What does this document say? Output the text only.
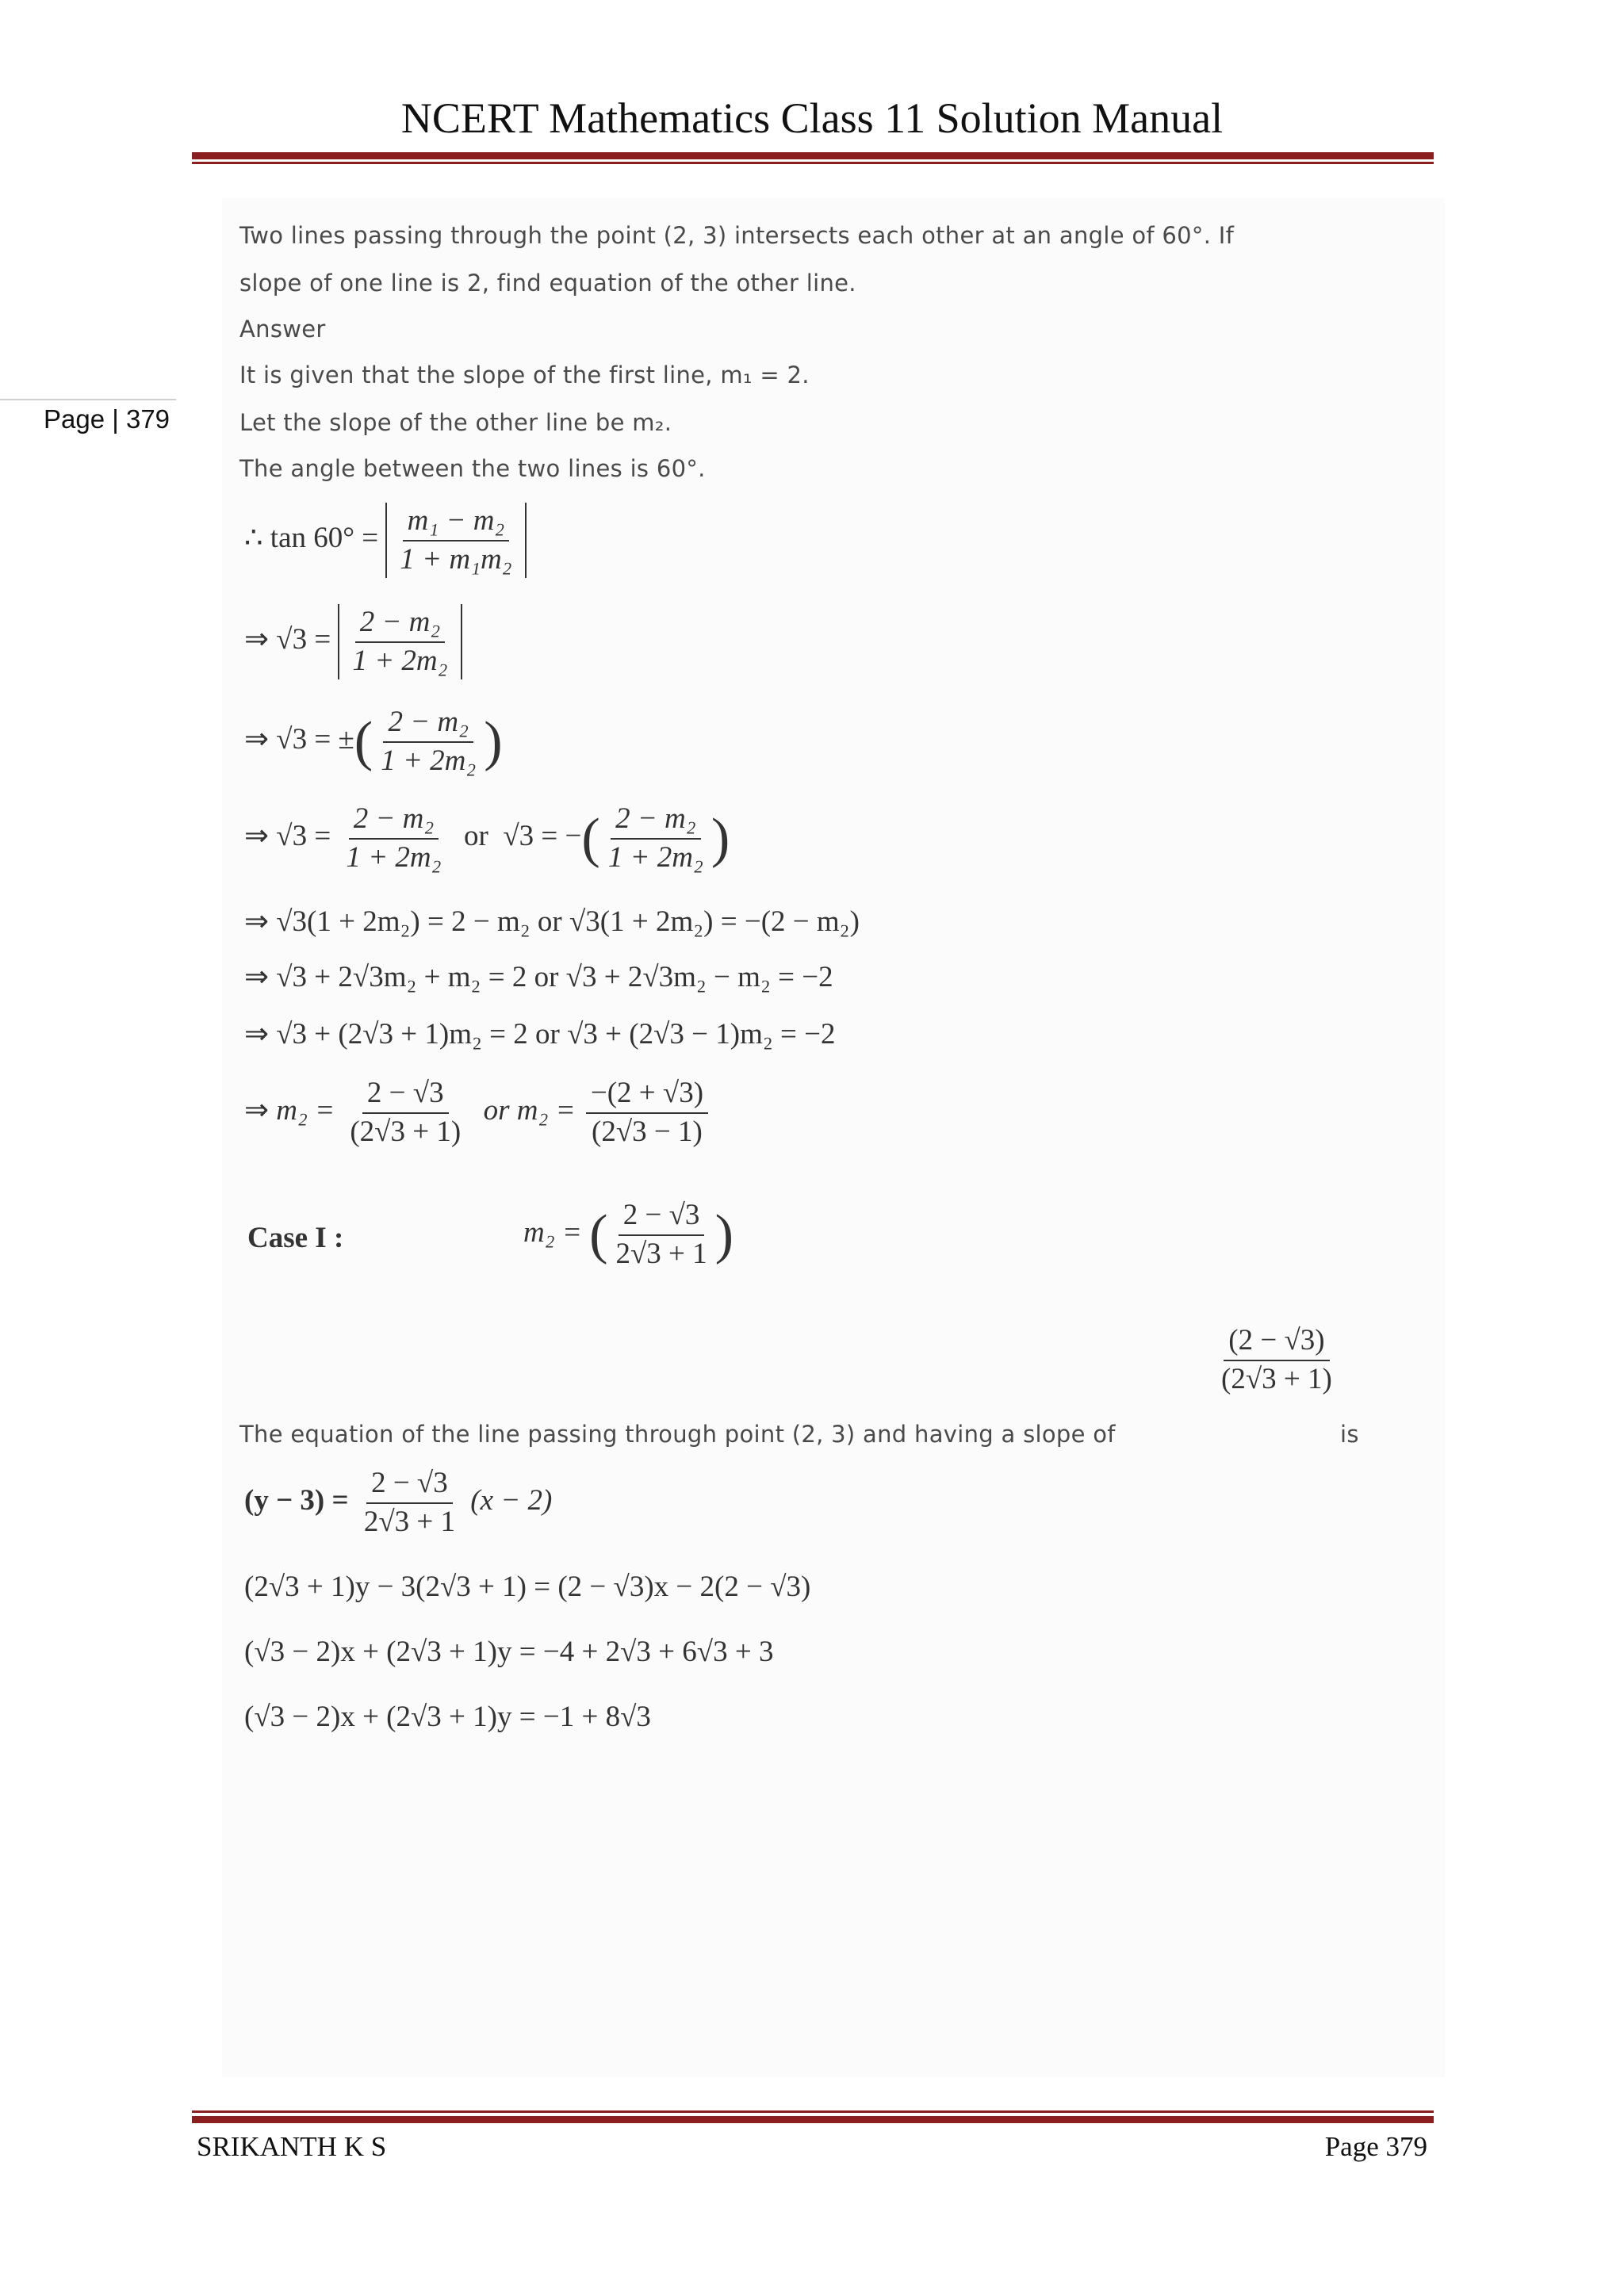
NCERT Mathematics Class 11 Solution Manual
Page | 379
Two lines passing through the point (2, 3) intersects each other at an angle of 60°. If
slope of one line is 2, find equation of the other line.
Answer
It is given that the slope of the first line, m₁ = 2.
Let the slope of the other line be m₂.
The angle between the two lines is 60°.
∴ $\tan 60^\circ = \frac{\text{m₁ − m₂}}{\text{1 + m₁m₂}}$
⇒ $√3 = \frac{\text{2 − m₂}}{\text{1 + 2m₂}}$
⇒ √3 = ±( $\frac{\text{2 − m₂}}{\text{1 + 2m₂}}$ )
⇒ $√3 = \frac{\text{2 − m₂}}{\text{1 + 2m₂}}$ or √3 = −( $\frac{\text{2 − m₂}}{\text{1 + 2m₂}}$ )
⇒ √3(1 + 2m₂) = 2 − m₂ or √3(1 + 2m₂) = −(2 − m₂)
⇒ √3 + 2√3m₂ + m₂ = 2 or √3 + 2√3m₂ − m₂ = −2
⇒ √3 + (2√3 + 1)m₂ = 2 or √3 + (2√3 − 1)m₂ = −2
⇒ $m_2 = \frac{2 - √3}{(2√3 + 1)}$ or $m_2 = \frac{-(2 + √3)}{(2√3 - 1)}$
Case I :	m₂ = ( $\frac{2 - √3}{2√3 + 1}$ )
The equation of the line passing through point (2, 3) and having a slope of
$\frac{(2 - √3)}{(2√3 + 1)}$
is
$(y - 3) = \frac{2 - √3}{2√3 + 1} (x - 2)$
(2√3 + 1)y − 3(2√3 + 1) = (2 − √3)x − 2(2 − √3)
(√3 − 2)x + (2√3 + 1)y = −4 + 2√3 + 6√3 + 3
(√3 − 2)x + (2√3 + 1)y = −1 + 8√3
SRIKANTH K S	Page 379
